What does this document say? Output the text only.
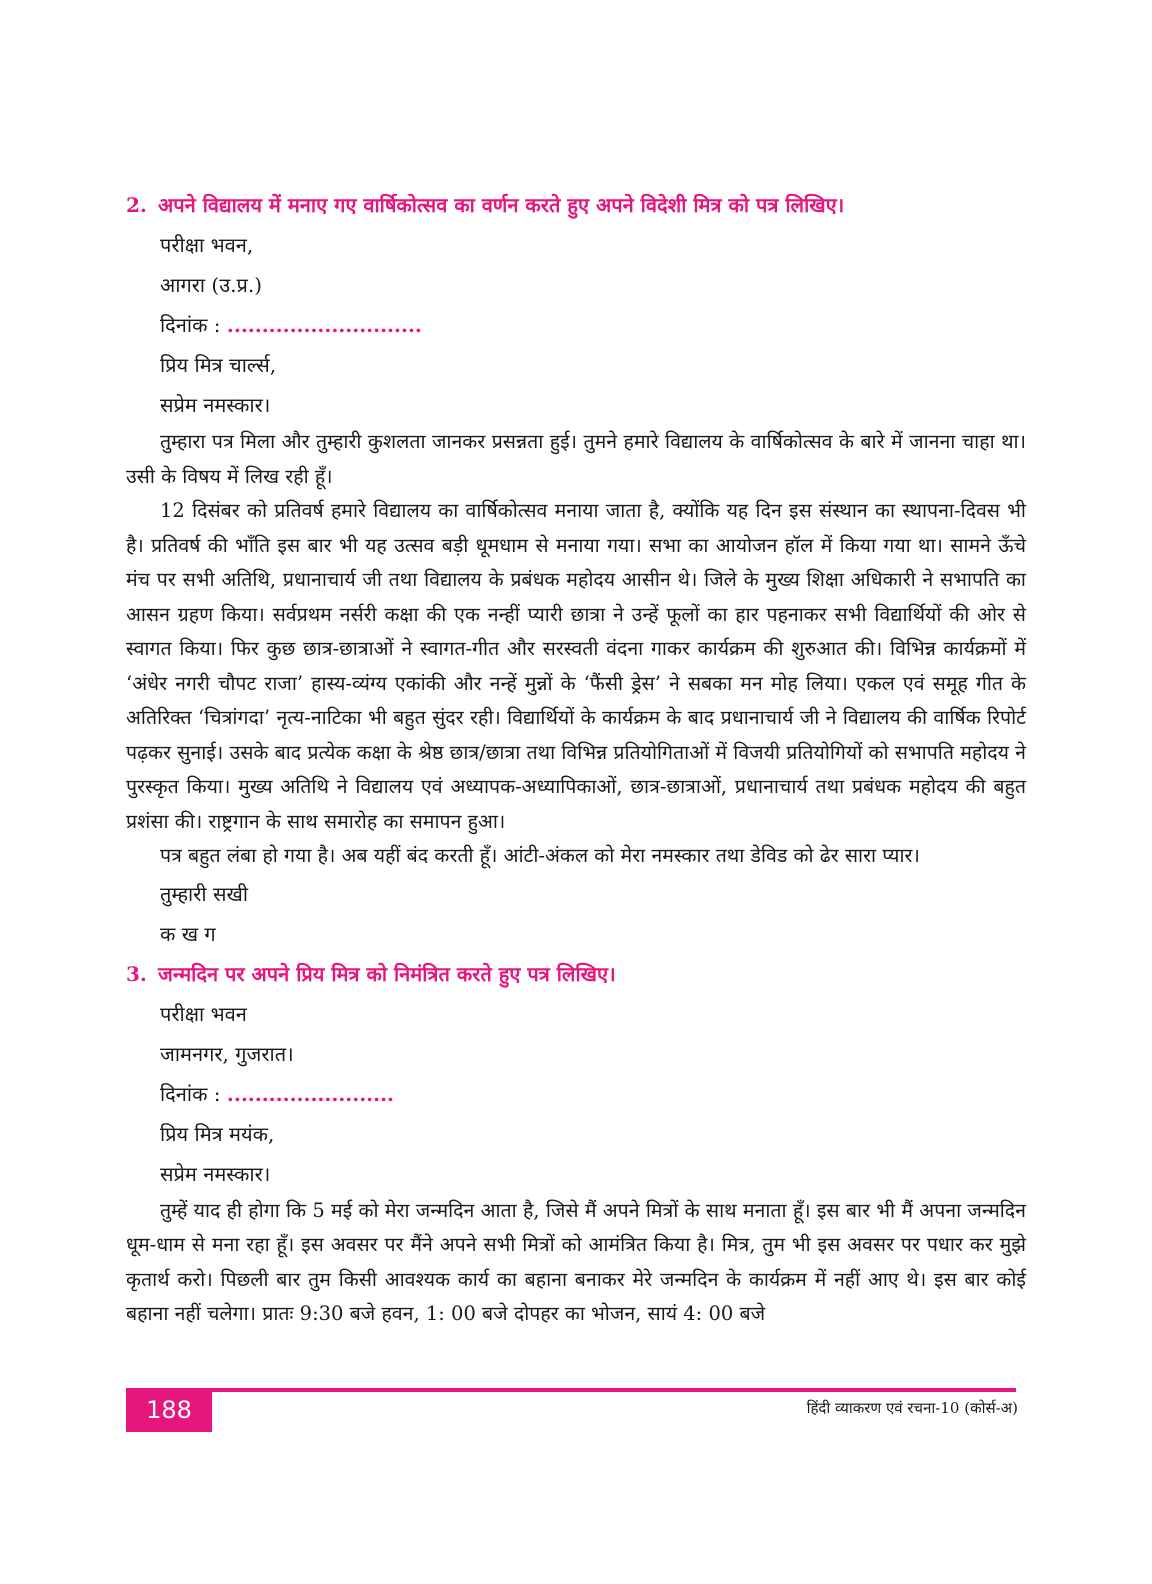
2. अपने विद्यालय में मनाए गए वार्षिकोत्सव का वर्णन करते हुए अपने विदेशी मित्र को पत्र लिखिए।

परीक्षा भवन,

आगरा (उ.प्र.)

दिनांक : ............................

प्रिय मित्र चार्ल्स,

सप्रेम नमस्कार।

तुम्हारा पत्र मिला और तुम्हारी कुशलता जानकर प्रसन्नता हुई। तुमने हमारे विद्यालय के वार्षिकोत्सव के बारे में जानना चाहा था। उसी के विषय में लिख रही हूँ।

12 दिसंबर को प्रतिवर्ष हमारे विद्यालय का वार्षिकोत्सव मनाया जाता है, क्योंकि यह दिन इस संस्थान का स्थापना-दिवस भी है। प्रतिवर्ष की भाँति इस बार भी यह उत्सव बड़ी धूमधाम से मनाया गया। सभा का आयोजन हॉल में किया गया था। सामने ऊँचे मंच पर सभी अतिथि, प्रधानाचार्य जी तथा विद्यालय के प्रबंधक महोदय आसीन थे। जिले के मुख्य शिक्षा अधिकारी ने सभापति का आसन ग्रहण किया। सर्वप्रथम नर्सरी कक्षा की एक नन्हीं प्यारी छात्रा ने उन्हें फूलों का हार पहनाकर सभी विद्यार्थियों की ओर से स्वागत किया। फिर कुछ छात्र-छात्राओं ने स्वागत-गीत और सरस्वती वंदना गाकर कार्यक्रम की शुरुआत की। विभिन्न कार्यक्रमों में ‘अंधेर नगरी चौपट राजा’ हास्य-व्यंग्य एकांकी और नन्हें मुन्नों के ‘फैंसी ड्रेस’ ने सबका मन मोह लिया। एकल एवं समूह गीत के अतिरिक्त ‘चित्रांगदा’ नृत्य-नाटिका भी बहुत सुंदर रही। विद्यार्थियों के कार्यक्रम के बाद प्रधानाचार्य जी ने विद्यालय की वार्षिक रिपोर्ट पढ़कर सुनाई। उसके बाद प्रत्येक कक्षा के श्रेष्ठ छात्र/छात्रा तथा विभिन्न प्रतियोगिताओं में विजयी प्रतियोगियों को सभापति महोदय ने पुरस्कृत किया। मुख्य अतिथि ने विद्यालय एवं अध्यापक-अध्यापिकाओं, छात्र-छात्राओं, प्रधानाचार्य तथा प्रबंधक महोदय की बहुत प्रशंसा की। राष्ट्रगान के साथ समारोह का समापन हुआ।

पत्र बहुत लंबा हो गया है। अब यहीं बंद करती हूँ। आंटी-अंकल को मेरा नमस्कार तथा डेविड को ढेर सारा प्यार।

तुम्हारी सखी

क ख ग

3. जन्मदिन पर अपने प्रिय मित्र को निमंत्रित करते हुए पत्र लिखिए।

परीक्षा भवन

जामनगर, गुजरात।

दिनांक : ........................

प्रिय मित्र मयंक,

सप्रेम नमस्कार।

तुम्हें याद ही होगा कि 5 मई को मेरा जन्मदिन आता है, जिसे मैं अपने मित्रों के साथ मनाता हूँ। इस बार भी मैं अपना जन्मदिन धूम-धाम से मना रहा हूँ। इस अवसर पर मैंने अपने सभी मित्रों को आमंत्रित किया है। मित्र, तुम भी इस अवसर पर पधार कर मुझे कृतार्थ करो। पिछली बार तुम किसी आवश्यक कार्य का बहाना बनाकर मेरे जन्मदिन के कार्यक्रम में नहीं आए थे। इस बार कोई बहाना नहीं चलेगा। प्रातः 9:30 बजे हवन, 1: 00 बजे दोपहर का भोजन, सायं 4: 00 बजे

188	हिंदी व्याकरण एवं रचना-10 (कोर्स-अ)
